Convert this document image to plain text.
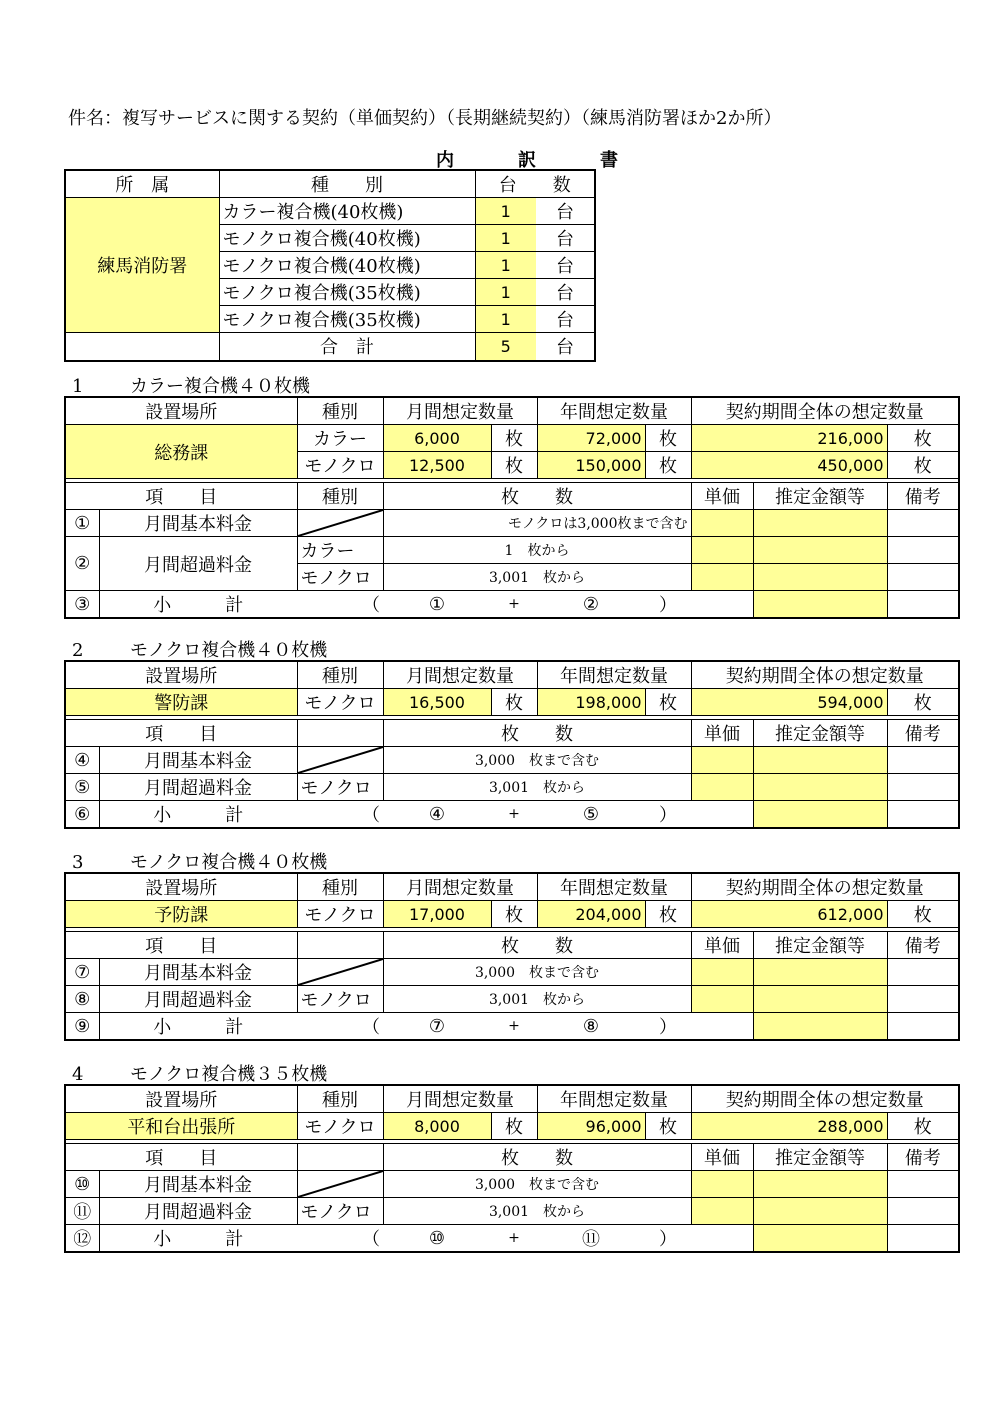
件名：複写サービスに関する契約（単価契約）（長期継続契約）（練馬消防署ほか2か所）
内	訳	書
所　属	種　　別	台　　数	
練馬消防署	カラー複合機(40枚機)	1	台
	モノクロ複合機(40枚機)	1	台
	モノクロ複合機(40枚機)	1	台
	モノクロ複合機(35枚機)	1	台
	モノクロ複合機(35枚機)	1	台
	合　計	5	台
1	カラー複合機４０枚機
設置場所		種別	月間想定数量		年間想定数量		契約期間全体の想定数量		
総務課		カラー	6,000	枚	72,000	枚	216,000		枚
		モノクロ	12,500	枚	150,000	枚	450,000		枚

項　　目		種別	枚　　数				単価	推定金額等	備考
①	月間基本料金		モノクロは3,000枚まで含む						
②	月間超過料金	カラー	1　枚から						
		モノクロ	3,001　枚から						
③	小　　　計	（	①	+	②	）			
2	モノクロ複合機４０枚機
設置場所		種別	月間想定数量		年間想定数量		契約期間全体の想定数量		
警防課		モノクロ	16,500	枚	198,000	枚	594,000		枚

項　　目			枚　　数				単価	推定金額等	備考
④	月間基本料金		3,000　枚まで含む						
⑤	月間超過料金	モノクロ	3,001　枚から						
⑥	小　　　計	（	④	+	⑤	）			
3	モノクロ複合機４０枚機
設置場所		種別	月間想定数量		年間想定数量		契約期間全体の想定数量		
予防課		モノクロ	17,000	枚	204,000	枚	612,000		枚

項　　目			枚　　数				単価	推定金額等	備考
⑦	月間基本料金		3,000　枚まで含む						
⑧	月間超過料金	モノクロ	3,001　枚から						
⑨	小　　　計	（	⑦	+	⑧	）			
4	モノクロ複合機３５枚機
設置場所		種別	月間想定数量		年間想定数量		契約期間全体の想定数量		
平和台出張所		モノクロ	8,000	枚	96,000	枚	288,000		枚

項　　目			枚　　数				単価	推定金額等	備考
⑩	月間基本料金		3,000　枚まで含む						
⑪	月間超過料金	モノクロ	3,001　枚から						
⑫	小　　　計	（	⑩	+	⑪	）			
